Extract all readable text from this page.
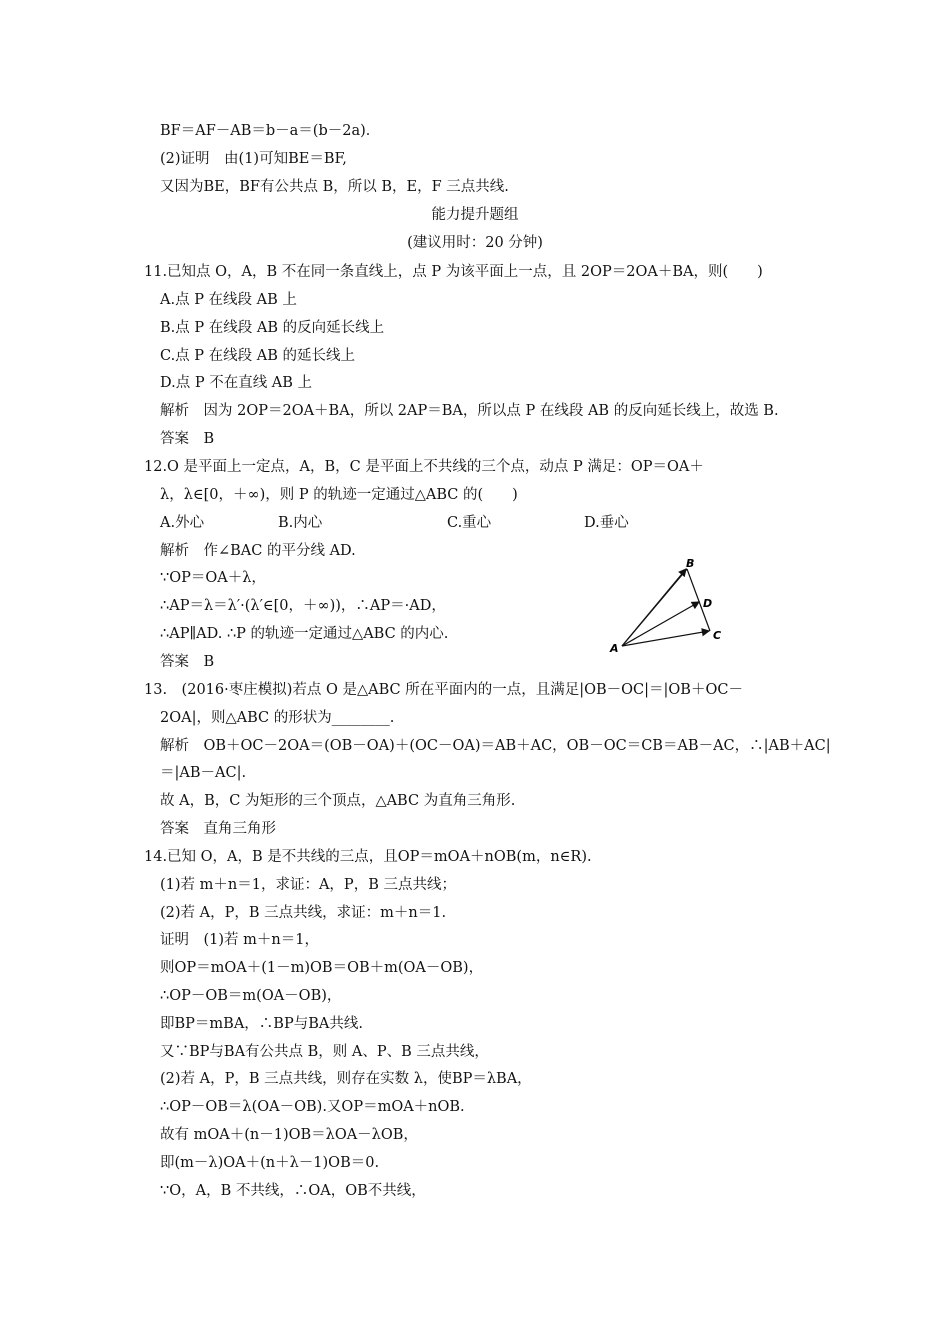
BF＝AF－AB＝b－a＝(b－2a)．
(2)证明　由(1)可知BE＝BF,
又因为BE，BF有公共点 B，所以 B，E，F 三点共线.
能力提升题组
(建议用时：20 分钟)
11.已知点 O，A，B 不在同一条直线上，点 P 为该平面上一点，且 2OP＝2OA＋BA，则(　　)
A.点 P 在线段 AB 上
B.点 P 在线段 AB 的反向延长线上
C.点 P 在线段 AB 的延长线上
D.点 P 不在直线 AB 上
解析　因为 2OP＝2OA＋BA，所以 2AP＝BA，所以点 P 在线段 AB 的反向延长线上，故选 B.
答案　B
12.O 是平面上一定点，A，B，C 是平面上不共线的三个点，动点 P 满足：OP＝OA＋
λ，λ∈[0，＋∞)，则 P 的轨迹一定通过△ABC 的(　　)
A.外心	B.内心	C.重心	D.垂心
解析　作∠BAC 的平分线 AD.
∵OP＝OA＋λ，
∴AP＝λ＝λ′·(λ′∈[0，＋∞))，∴AP＝·AD，
∴AP∥AD. ∴P 的轨迹一定通过△ABC 的内心.
答案　B
B
D
C
A
13.　(2016·枣庄模拟)若点 O 是△ABC 所在平面内的一点，且满足|OB－OC|＝|OB＋OC－
2OA|，则△ABC 的形状为________.
解析　OB＋OC－2OA＝(OB－OA)＋(OC－OA)＝AB＋AC，OB－OC＝CB＝AB－AC，∴|AB＋AC|
＝|AB－AC|.
故 A，B，C 为矩形的三个顶点，△ABC 为直角三角形.
答案　直角三角形
14.已知 O，A，B 是不共线的三点，且OP＝mOA＋nOB(m，n∈R).
(1)若 m＋n＝1，求证：A，P，B 三点共线；
(2)若 A，P，B 三点共线，求证：m＋n＝1.
证明　(1)若 m＋n＝1，
则OP＝mOA＋(1－m)OB＝OB＋m(OA－OB)，
∴OP－OB＝m(OA－OB)，
即BP＝mBA，∴BP与BA共线.
又∵BP与BA有公共点 B，则 A、P、B 三点共线，
(2)若 A，P，B 三点共线，则存在实数 λ，使BP＝λBA，
∴OP－OB＝λ(OA－OB).又OP＝mOA＋nOB.
故有 mOA＋(n－1)OB＝λOA－λOB，
即(m－λ)OA＋(n＋λ－1)OB＝0.
∵O，A，B 不共线，∴OA，OB不共线，
